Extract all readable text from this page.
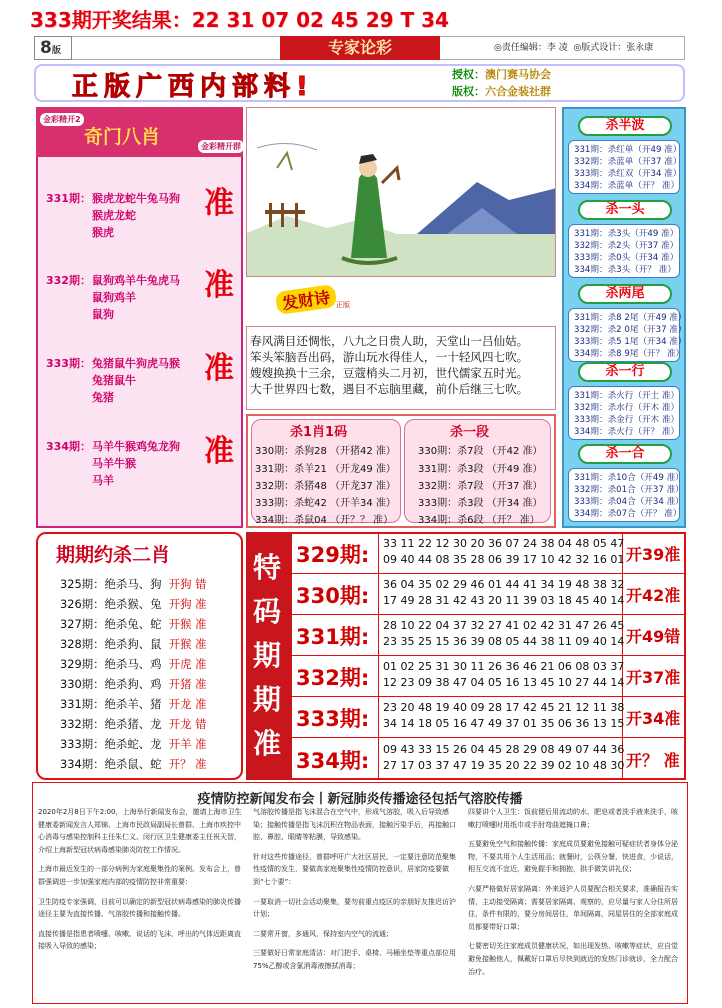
333期开奖结果：22 31 07 02 45 29 T 34
8版	专家论彩	◎责任编辑：李 凌 ◎版式设计：张永康
正版广西内部料!	授权：澳门赛马协会
版权：六合金装社群
金彩精开2
奇门八肖	金彩精开群
331期： 猴虎龙蛇牛兔马狗
猴虎龙蛇
猴虎
准
332期： 鼠狗鸡羊牛兔虎马
鼠狗鸡羊
鼠狗
准
333期： 兔猪鼠牛狗虎马猴
兔猪鼠牛
兔猪
准
334期： 马羊牛猴鸡兔龙狗
马羊牛猴
马羊
准
发财诗 正版
春风满目还惆怅，八九之日贵人助，天堂山一吕仙姑。
笨头笨脑吾出码，游山玩水得佳人，一十轻风四七吹。
嫂嫂换换十三余，豆蔻梢头二月初，世代儒家五时光。
大千世界四七数，遇目不忘脑里藏，前仆后继三七吹。
杀1肖1码
330期：杀狗28 （开猪42 准）
331期：杀羊21 （开龙49 准）
332期：杀猪48 （开龙37 准）
333期：杀蛇42 （开羊34 准）
334期：杀鼠04 （开？？ 准）
杀一段
330期：杀7段 （开42 准）
331期：杀3段 （开49 准）
332期：杀7段 （开37 准）
333期：杀3段 （开34 准）
334期：杀6段 （开？ 准）
杀半波
331期：杀红单（开49 准）
332期：杀蓝单（开37 准）
333期：杀红双（开34 准）
334期：杀蓝单（开？ 准）
杀一头
331期：杀3头（开49 准）
332期：杀2头（开37 准）
333期：杀0头（开34 准）
334期：杀3头（开？ 准）
杀两尾
331期：杀8 2尾（开49 准）
332期：杀2 0尾（开37 准）
333期：杀5 1尾（开34 准）
334期：杀8 9尾（开？ 准）
杀一行
331期：杀火行（开土 准）
332期：杀水行（开木 准）
333期：杀金行（开木 准）
334期：杀火行（开？ 准）
杀一合
331期：杀10合（开49 准）
332期：杀01合（开37 准）
333期：杀04合（开34 准）
334期：杀07合（开？ 准）
期期约杀二肖
325期：绝杀马、狗 开狗 错
326期：绝杀猴、兔 开狗 准
327期：绝杀兔、蛇 开猴 准
328期：绝杀狗、鼠 开猴 准
329期：绝杀马、鸡 开虎 准
330期：绝杀狗、鸡 开猪 准
331期：绝杀羊、猪 开龙 准
332期：绝杀猪、龙 开龙 错
333期：绝杀蛇、龙 开羊 准
334期：绝杀鼠、蛇 开？ 准
特
码
期
期
准
329期: 33 11 22 12 30 20 36 07 24 38 04 48 05 47
09 40 44 08 35 28 06 39 17 10 42 32 16 01 开39准
330期: 36 04 35 02 29 46 01 44 41 34 19 48 38 32
17 49 28 31 42 43 20 11 39 03 18 45 40 14 开42准
331期: 28 10 22 04 37 32 27 41 02 42 31 47 26 45
23 35 25 15 36 39 08 05 44 38 11 09 40 14 开49错
332期: 01 02 25 31 30 11 26 36 46 21 06 08 03 37
12 23 09 38 47 04 05 16 13 45 10 27 44 14 开37准
333期: 23 20 48 19 40 09 28 17 42 45 21 12 11 38
34 14 18 05 16 47 49 37 01 35 06 36 13 15 开34准
334期: 09 43 33 15 26 04 45 28 29 08 49 07 44 36
27 17 03 37 47 19 35 20 22 39 02 10 48 30 开？ 准
疫情防控新闻发布会丨新冠肺炎传播途径包括气溶胶传播

2020年2月8日下午2:00，上海举行新闻发布会，邀请上海市卫生健康委新闻发言人郑锦、上海市民政局副局长曾群、上海市疾控中心消毒与感染控制科主任朱仁义、闵行区卫生健康委主任祝天智，介绍上海新型冠状病毒感染肺炎防控工作情况。

上海市最近发生的一部分病例为家庭聚集性的案例。发布会上，曾群强调进一步加强家庭内部的疫情防控非常重要：

卫生防疫专家强调，目前可以确定的新型冠状病毒感染的肺炎传播途径主要为直接传播、气溶胶传播和接触传播。

直接传播是指患者喷嚏、咳嗽、说话的飞沫，呼出的气体近距离直接吸入导致的感染；

气溶胶传播是指飞沫混合在空气中，形成气溶胶，吸入后导致感染；接触传播是指飞沫沉积在物品表面，接触污染手后，再接触口腔、鼻腔、眼睛等粘膜，导致感染。

针对这些传播途径，曾群呼吁广大社区居民，一定要注意防范聚集性疫情的发生，要做高家庭聚集性疫情防控意识，居家防疫要做到“七个要”：

一要取消一切社会活动聚集，要勿前重点疫区的亲朋好友推迟访沪计划；

二要常开窗，多通风，保持室内空气的流通；

三要做好日常家庭清洁：对门把手、桌椅、马桶坐垫等重点部位用75%乙醇或含氯消毒液擦拭消毒；

四要讲个人卫生：饭前便后用流动的水、肥皂或者洗手液来洗手，咳嗽打喷嚏时用纸巾或手肘弯曲遮掩口鼻；

五要避免空气和接触传播：家庭成员要避免接触可疑症状者身体分泌物，不要共用个人生活用品；就餐时，公筷分餐，快进食，少说话，相互交流不宜近，避免握手和拥抱，拱手微笑讲礼仪；

六要严格做好居家隔离：外来返沪人员要配合相关要求，准确报告实情，主动接受隔离；需要居家隔离、观察的，应尽量与家人分住所居住，条件有限的，要分房间居住，单间隔离，同屋居住的全部家庭成员都要带好口罩；

七要密切关注家庭成员健康状况，如出现发热、咳嗽等症状，应自觉避免接触他人，佩戴好口罩后尽快到就近的发热门诊就诊，全力配合治疗。
